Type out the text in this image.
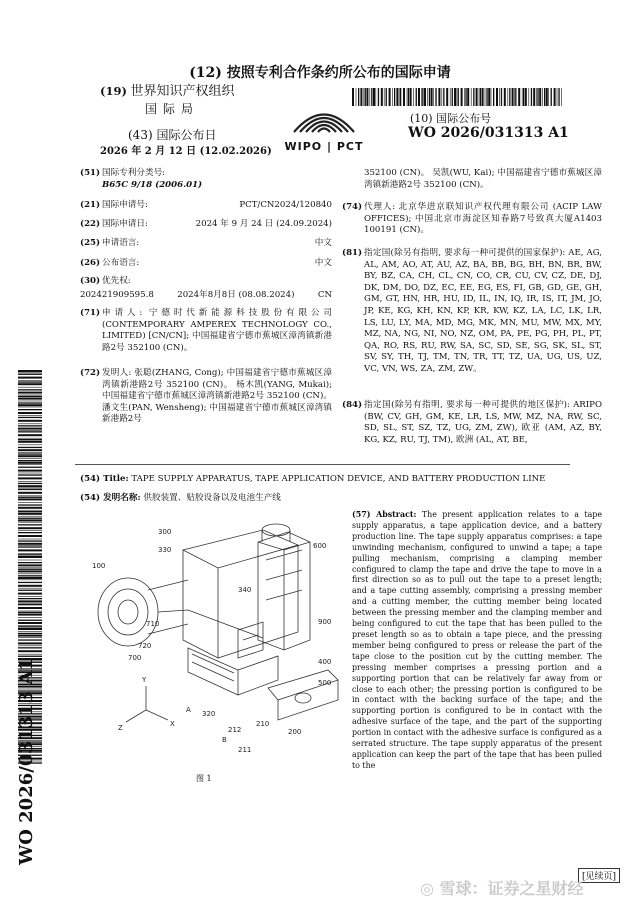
(12) 按照专利合作条约所公布的国际申请
(19) 世界知识产权组织
国际局
(43) 国际公布日
2026 年 2 月 12 日 (12.02.2026)	WIPO | PCT
(10) 国际公布号
WO 2026/031313 A1
WO 2026/031313 A1
(51) 国际专利分类号:
B65C 9/18 (2006.01)
(21) 国际申请号:	PCT/CN2024/120840
(22) 国际申请日:	2024 年 9 月 24 日 (24.09.2024)
(25) 申请语言:	中文
(26) 公布语言:	中文
(30) 优先权:
202421909595.8	2024年8月8日 (08.08.2024)	CN
(71) 申请人: 宁德时代新能源科技股份有限公司 (CONTEMPORARY AMPEREX TECHNOLOGY CO., LIMITED) [CN/CN]; 中国福建省宁德市蕉城区漳湾镇新港路2号 352100 (CN)。
(72) 发明人: 张聪(ZHANG, Cong); 中国福建省宁德市蕉城区漳湾镇新港路2号 352100 (CN)。 杨木凯(YANG, Mukai); 中国福建省宁德市蕉城区漳湾镇新港路2号 352100 (CN)。 潘文生(PAN, Wensheng); 中国福建省宁德市蕉城区漳湾镇新港路2号
352100 (CN)。 吴凯(WU, Kai); 中国福建省宁德市蕉城区漳湾镇新港路2号 352100 (CN)。
(74) 代理人: 北京华进京联知识产权代理有限公司 (ACIP LAW OFFICES); 中国北京市海淀区知春路7号致真大厦A1403 100191 (CN)。
(81) 指定国(除另有指明, 要求每一种可提供的国家保护): AE, AG, AL, AM, AO, AT, AU, AZ, BA, BB, BG, BH, BN, BR, BW, BY, BZ, CA, CH, CL, CN, CO, CR, CU, CV, CZ, DE, DJ, DK, DM, DO, DZ, EC, EE, EG, ES, FI, GB, GD, GE, GH, GM, GT, HN, HR, HU, ID, IL, IN, IQ, IR, IS, IT, JM, JO, JP, KE, KG, KH, KN, KP, KR, KW, KZ, LA, LC, LK, LR, LS, LU, LY, MA, MD, MG, MK, MN, MU, MW, MX, MY, MZ, NA, NG, NI, NO, NZ, OM, PA, PE, PG, PH, PL, PT, QA, RO, RS, RU, RW, SA, SC, SD, SE, SG, SK, SL, ST, SV, SY, TH, TJ, TM, TN, TR, TT, TZ, UA, UG, US, UZ, VC, VN, WS, ZA, ZM, ZW。
(84) 指定国(除另有指明, 要求每一种可提供的地区保护): ARIPO (BW, CV, GH, GM, KE, LR, LS, MW, MZ, NA, RW, SC, SD, SL, ST, SZ, TZ, UG, ZM, ZW), 欧亚 (AM, AZ, BY, KG, KZ, RU, TJ, TM), 欧洲 (AL, AT, BE,
(54) Title: TAPE SUPPLY APPARATUS, TAPE APPLICATION DEVICE, AND BATTERY PRODUCTION LINE
(54) 发明名称: 供胶装置、贴胶设备以及电池生产线
(57) Abstract: The present application relates to a tape supply apparatus, a tape application device, and a battery production line. The tape supply apparatus comprises: a tape unwinding mechanism, configured to unwind a tape; a tape pulling mechanism, comprising a clamping member configured to clamp the tape and drive the tape to move in a first direction so as to pull out the tape to a preset length; and a tape cutting assembly, comprising a pressing member and a cutting member, the cutting member being located between the pressing member and the clamping member and being configured to cut the tape that has been pulled to the preset length so as to obtain a tape piece, and the pressing member being configured to press or release the part of the tape close to the position cut by the cutting member. The pressing member comprises a pressing portion and a supporting portion that can be relatively far away from or close to each other; the pressing portion is configured to be in contact with the backing surface of the tape; and the supporting portion is configured to be in contact with the adhesive surface of the tape, and the part of the supporting portion in contact with the adhesive surface is configured as a serrated structure. The tape supply apparatus of the present application can keep the part of the tape that has been pulled to the
300
330	600
100
340
710
720
700
900
400
500
320
212
210
211
200
Y
Z	X
B
A
图 1
[见续页]
◎ 雪球：证券之星财经
